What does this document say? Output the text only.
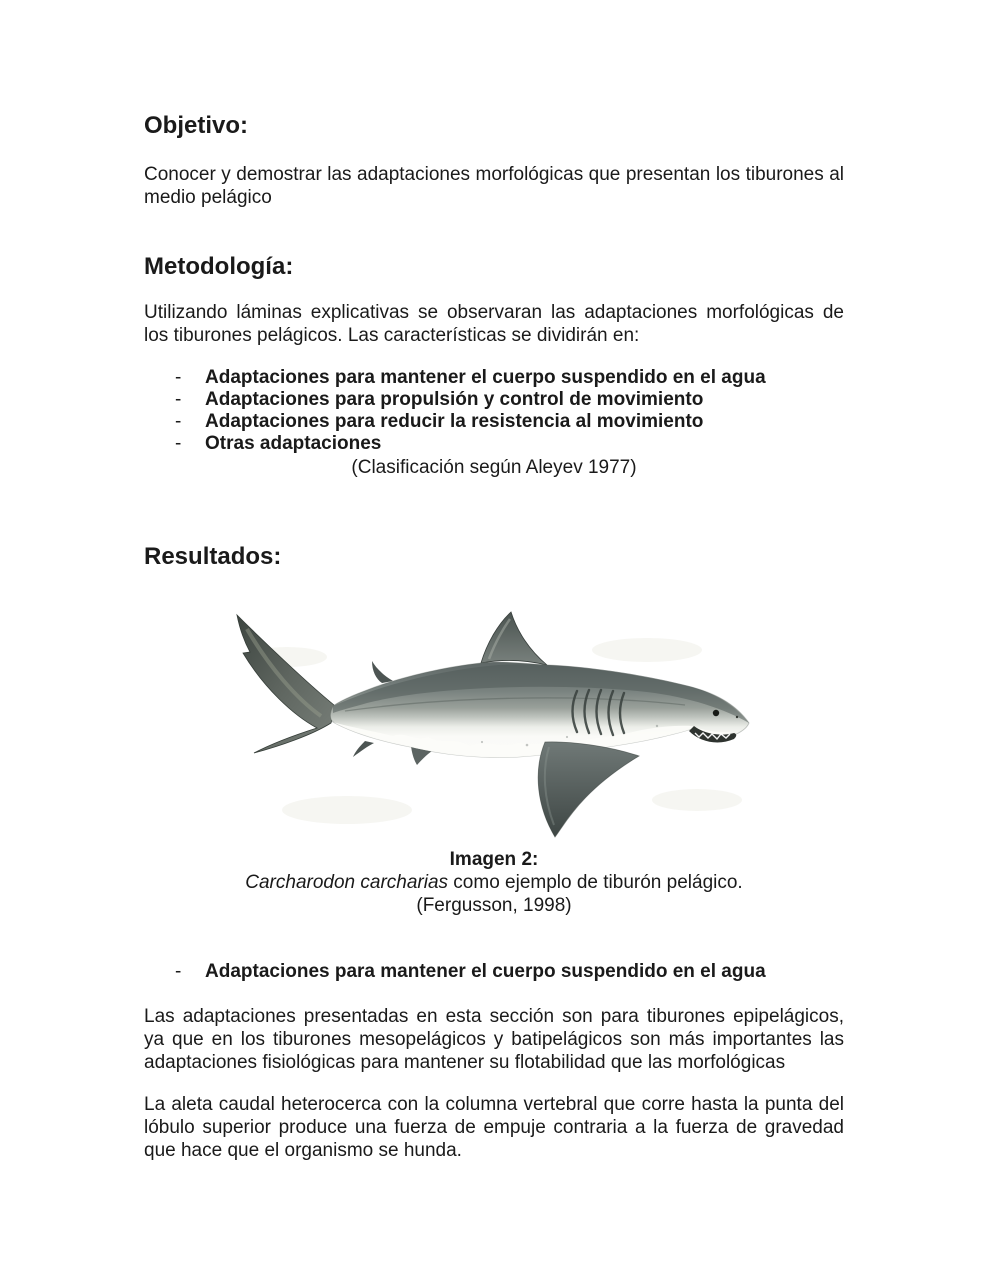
Objetivo:

Conocer y demostrar las adaptaciones morfológicas que presentan los tiburones al medio pelágico

Metodología:

Utilizando láminas explicativas se observaran las adaptaciones morfológicas de los tiburones pelágicos. Las características se dividirán en:

-	Adaptaciones para mantener el cuerpo suspendido en el agua
-	Adaptaciones para propulsión y control de movimiento
-	Adaptaciones para reducir la resistencia al movimiento
-	Otras adaptaciones

(Clasificación según Aleyev 1977)

Resultados:
Imagen 2:
Carcharodon carcharias como ejemplo de tiburón pelágico. (Fergusson, 1998)
-	Adaptaciones para mantener el cuerpo suspendido en el agua

Las adaptaciones presentadas en esta sección son para tiburones epipelágicos, ya que en los tiburones mesopelágicos y batipelágicos son más importantes las adaptaciones fisiológicas para mantener su flotabilidad que las morfológicas

La aleta caudal heterocerca con la columna vertebral que corre hasta la punta del lóbulo superior produce una fuerza de empuje contraria a la fuerza de gravedad que hace que el organismo se hunda.
